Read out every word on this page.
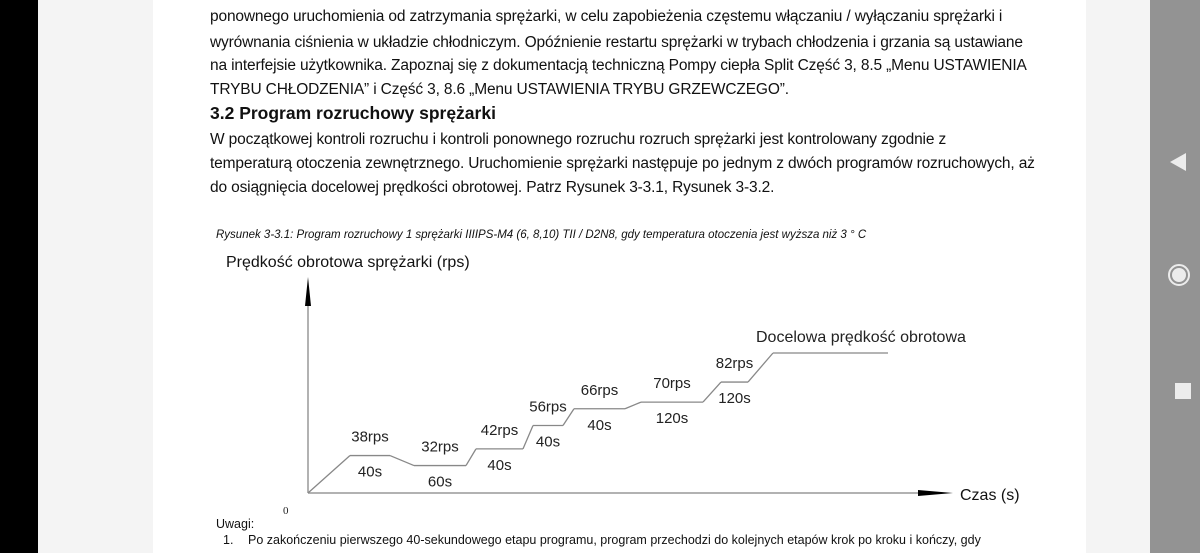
ponownego uruchomienia od zatrzymania sprężarki, w celu zapobieżenia częstemu włączaniu / wyłączaniu sprężarki i
wyrównania ciśnienia w układzie chłodniczym. Opóźnienie restartu sprężarki w trybach chłodzenia i grzania są ustawiane
na interfejsie użytkownika. Zapoznaj się z dokumentacją techniczną Pompy ciepła Split Część 3, 8.5 „Menu USTAWIENIA
TRYBU CHŁODZENIA” i Część 3, 8.6 „Menu USTAWIENIA TRYBU GRZEWCZEGO”.
3.2 Program rozruchowy sprężarki
W początkowej kontroli rozruchu i kontroli ponownego rozruchu rozruch sprężarki jest kontrolowany zgodnie z
temperaturą otoczenia zewnętrznego. Uruchomienie sprężarki następuje po jednym z dwóch programów rozruchowych, aż
do osiągnięcia docelowej prędkości obrotowej. Patrz Rysunek 3-3.1, Rysunek 3-3.2.
Rysunek 3-3.1: Program rozruchowy 1 sprężarki IIIIPS-M4 (6, 8,10) TII / D2N8, gdy temperatura otoczenia jest wyższa niż 3 ° C
Prędkość obrotowa sprężarki (rps)
38rps
40s
32rps
60s
42rps
40s
56rps
40s
66rps
40s
70rps
120s
82rps
120s
Docelowa prędkość obrotowa
Czas (s)
0
Uwagi:
1. Po zakończeniu pierwszego 40-sekundowego etapu programu, program przechodzi do kolejnych etapów krok po kroku i kończy, gdy
